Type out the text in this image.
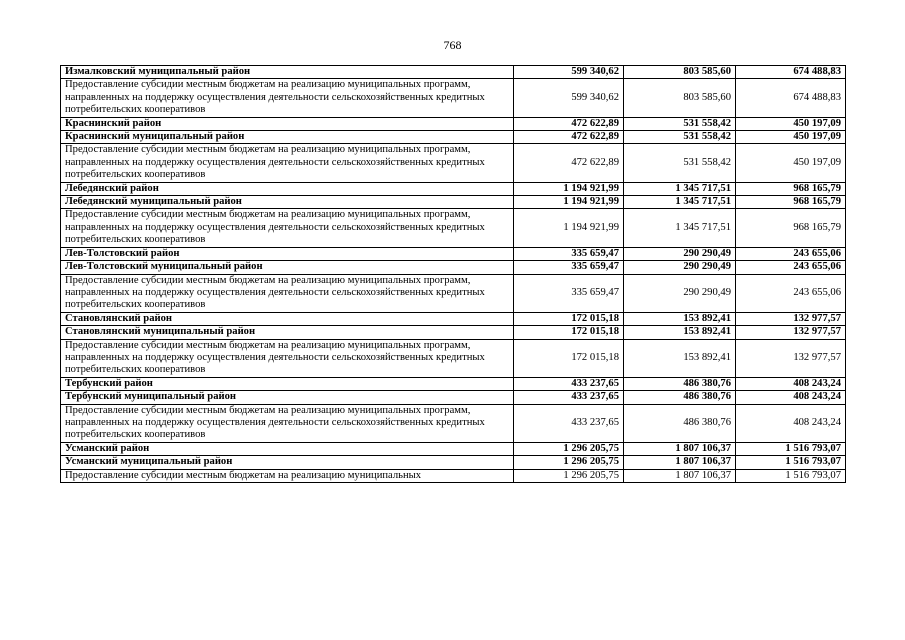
768
Измалковский муниципальный район	599 340,62	803 585,60	674 488,83
Предоставление субсидии местным бюджетам на реализацию муниципальных программ, направленных на поддержку осуществления деятельности сельскохозяйственных кредитных потребительских кооперативов	599 340,62	803 585,60	674 488,83
Краснинский район	472 622,89	531 558,42	450 197,09
Краснинский муниципальный район	472 622,89	531 558,42	450 197,09
Предоставление субсидии местным бюджетам на реализацию муниципальных программ, направленных на поддержку осуществления деятельности сельскохозяйственных кредитных потребительских кооперативов	472 622,89	531 558,42	450 197,09
Лебедянский район	1 194 921,99	1 345 717,51	968 165,79
Лебедянский муниципальный район	1 194 921,99	1 345 717,51	968 165,79
Предоставление субсидии местным бюджетам на реализацию муниципальных программ, направленных на поддержку осуществления деятельности сельскохозяйственных кредитных потребительских кооперативов	1 194 921,99	1 345 717,51	968 165,79
Лев-Толстовский район	335 659,47	290 290,49	243 655,06
Лев-Толстовский муниципальный район	335 659,47	290 290,49	243 655,06
Предоставление субсидии местным бюджетам на реализацию муниципальных программ, направленных на поддержку осуществления деятельности сельскохозяйственных кредитных потребительских кооперативов	335 659,47	290 290,49	243 655,06
Становлянский район	172 015,18	153 892,41	132 977,57
Становлянский муниципальный район	172 015,18	153 892,41	132 977,57
Предоставление субсидии местным бюджетам на реализацию муниципальных программ, направленных на поддержку осуществления деятельности сельскохозяйственных кредитных потребительских кооперативов	172 015,18	153 892,41	132 977,57
Тербунский район	433 237,65	486 380,76	408 243,24
Тербунский муниципальный район	433 237,65	486 380,76	408 243,24
Предоставление субсидии местным бюджетам на реализацию муниципальных программ, направленных на поддержку осуществления деятельности сельскохозяйственных кредитных потребительских кооперативов	433 237,65	486 380,76	408 243,24
Усманский район	1 296 205,75	1 807 106,37	1 516 793,07
Усманский муниципальный район	1 296 205,75	1 807 106,37	1 516 793,07
Предоставление субсидии местным бюджетам на реализацию муниципальных	1 296 205,75	1 807 106,37	1 516 793,07
